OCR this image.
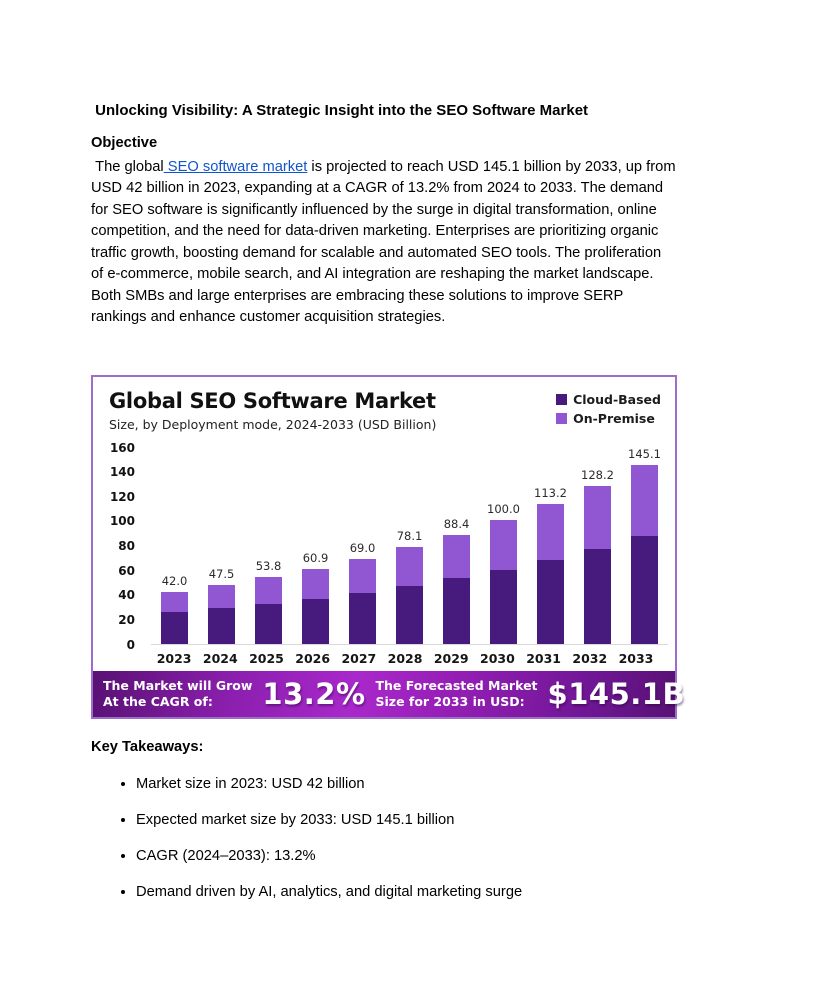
Unlocking Visibility: A Strategic Insight into the SEO Software Market
Objective

The global SEO software market is projected to reach USD 145.1 billion by 2033, up from USD 42 billion in 2023, expanding at a CAGR of 13.2% from 2024 to 2033. The demand for SEO software is significantly influenced by the surge in digital transformation, online competition, and the need for data-driven marketing. Enterprises are prioritizing organic traffic growth, boosting demand for scalable and automated SEO tools. The proliferation of e-commerce, mobile search, and AI integration are reshaping the market landscape. Both SMBs and large enterprises are embracing these solutions to improve SERP rankings and enhance customer acquisition strategies.

Global SEO Software Market
Size, by Deployment mode, 2024-2033 (USD Billion)
Cloud-Based
On-Premise
0
20
40
60
80
100
120
140
160
42.0 47.5
53.8
60.9
69.0
78.1
88.4
100.0
113.2
128.2
145.1
2023 2024 2025 2026 2027 2028 2029 2030 2031 2032 2033
The Market will Grow
At the CAGR of:	13.2% The Forecasted Market
Size for 2033 in USD: $145.1B	market.us
ONE STOP SHOP FOR THE REPORTS
Key Takeaways:
• Market size in 2023: USD 42 billion
• Expected market size by 2033: USD 145.1 billion
• CAGR (2024–2033): 13.2%
• Demand driven by AI, analytics, and digital marketing surge
